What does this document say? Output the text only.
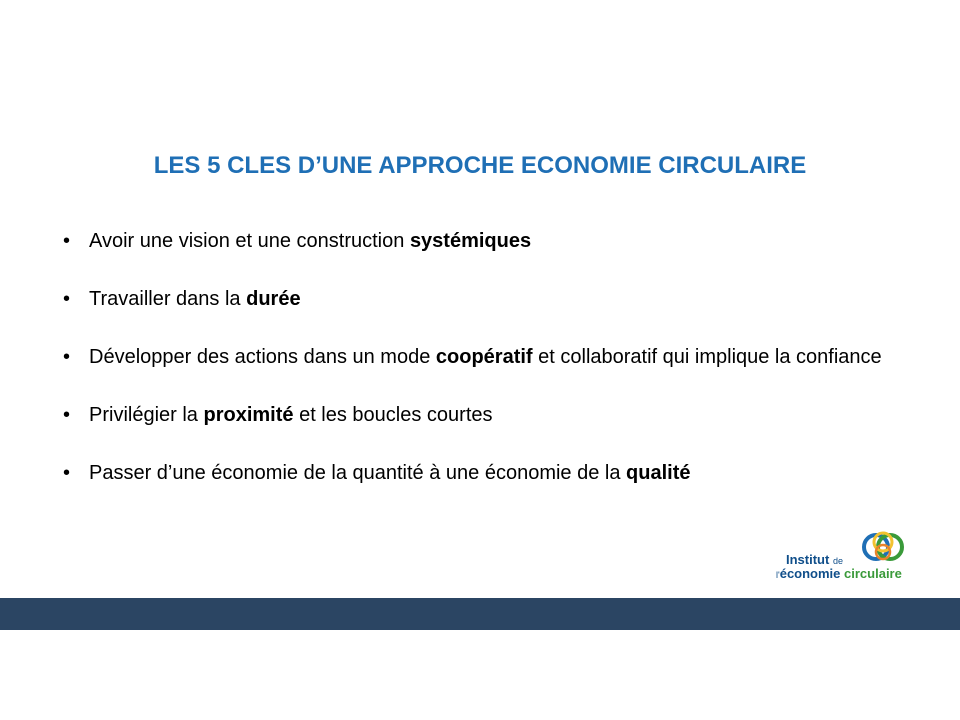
LES 5 CLES D’UNE APPROCHE ECONOMIE CIRCULAIRE
• Avoir une vision et une construction systémiques
• Travailler dans la durée
• Développer des actions dans un mode coopératif et collaboratif qui implique la confiance
• Privilégier la proximité et les boucles courtes
• Passer d’une économie de la quantité à une économie de la qualité
Institut de
l'économie circulaire
